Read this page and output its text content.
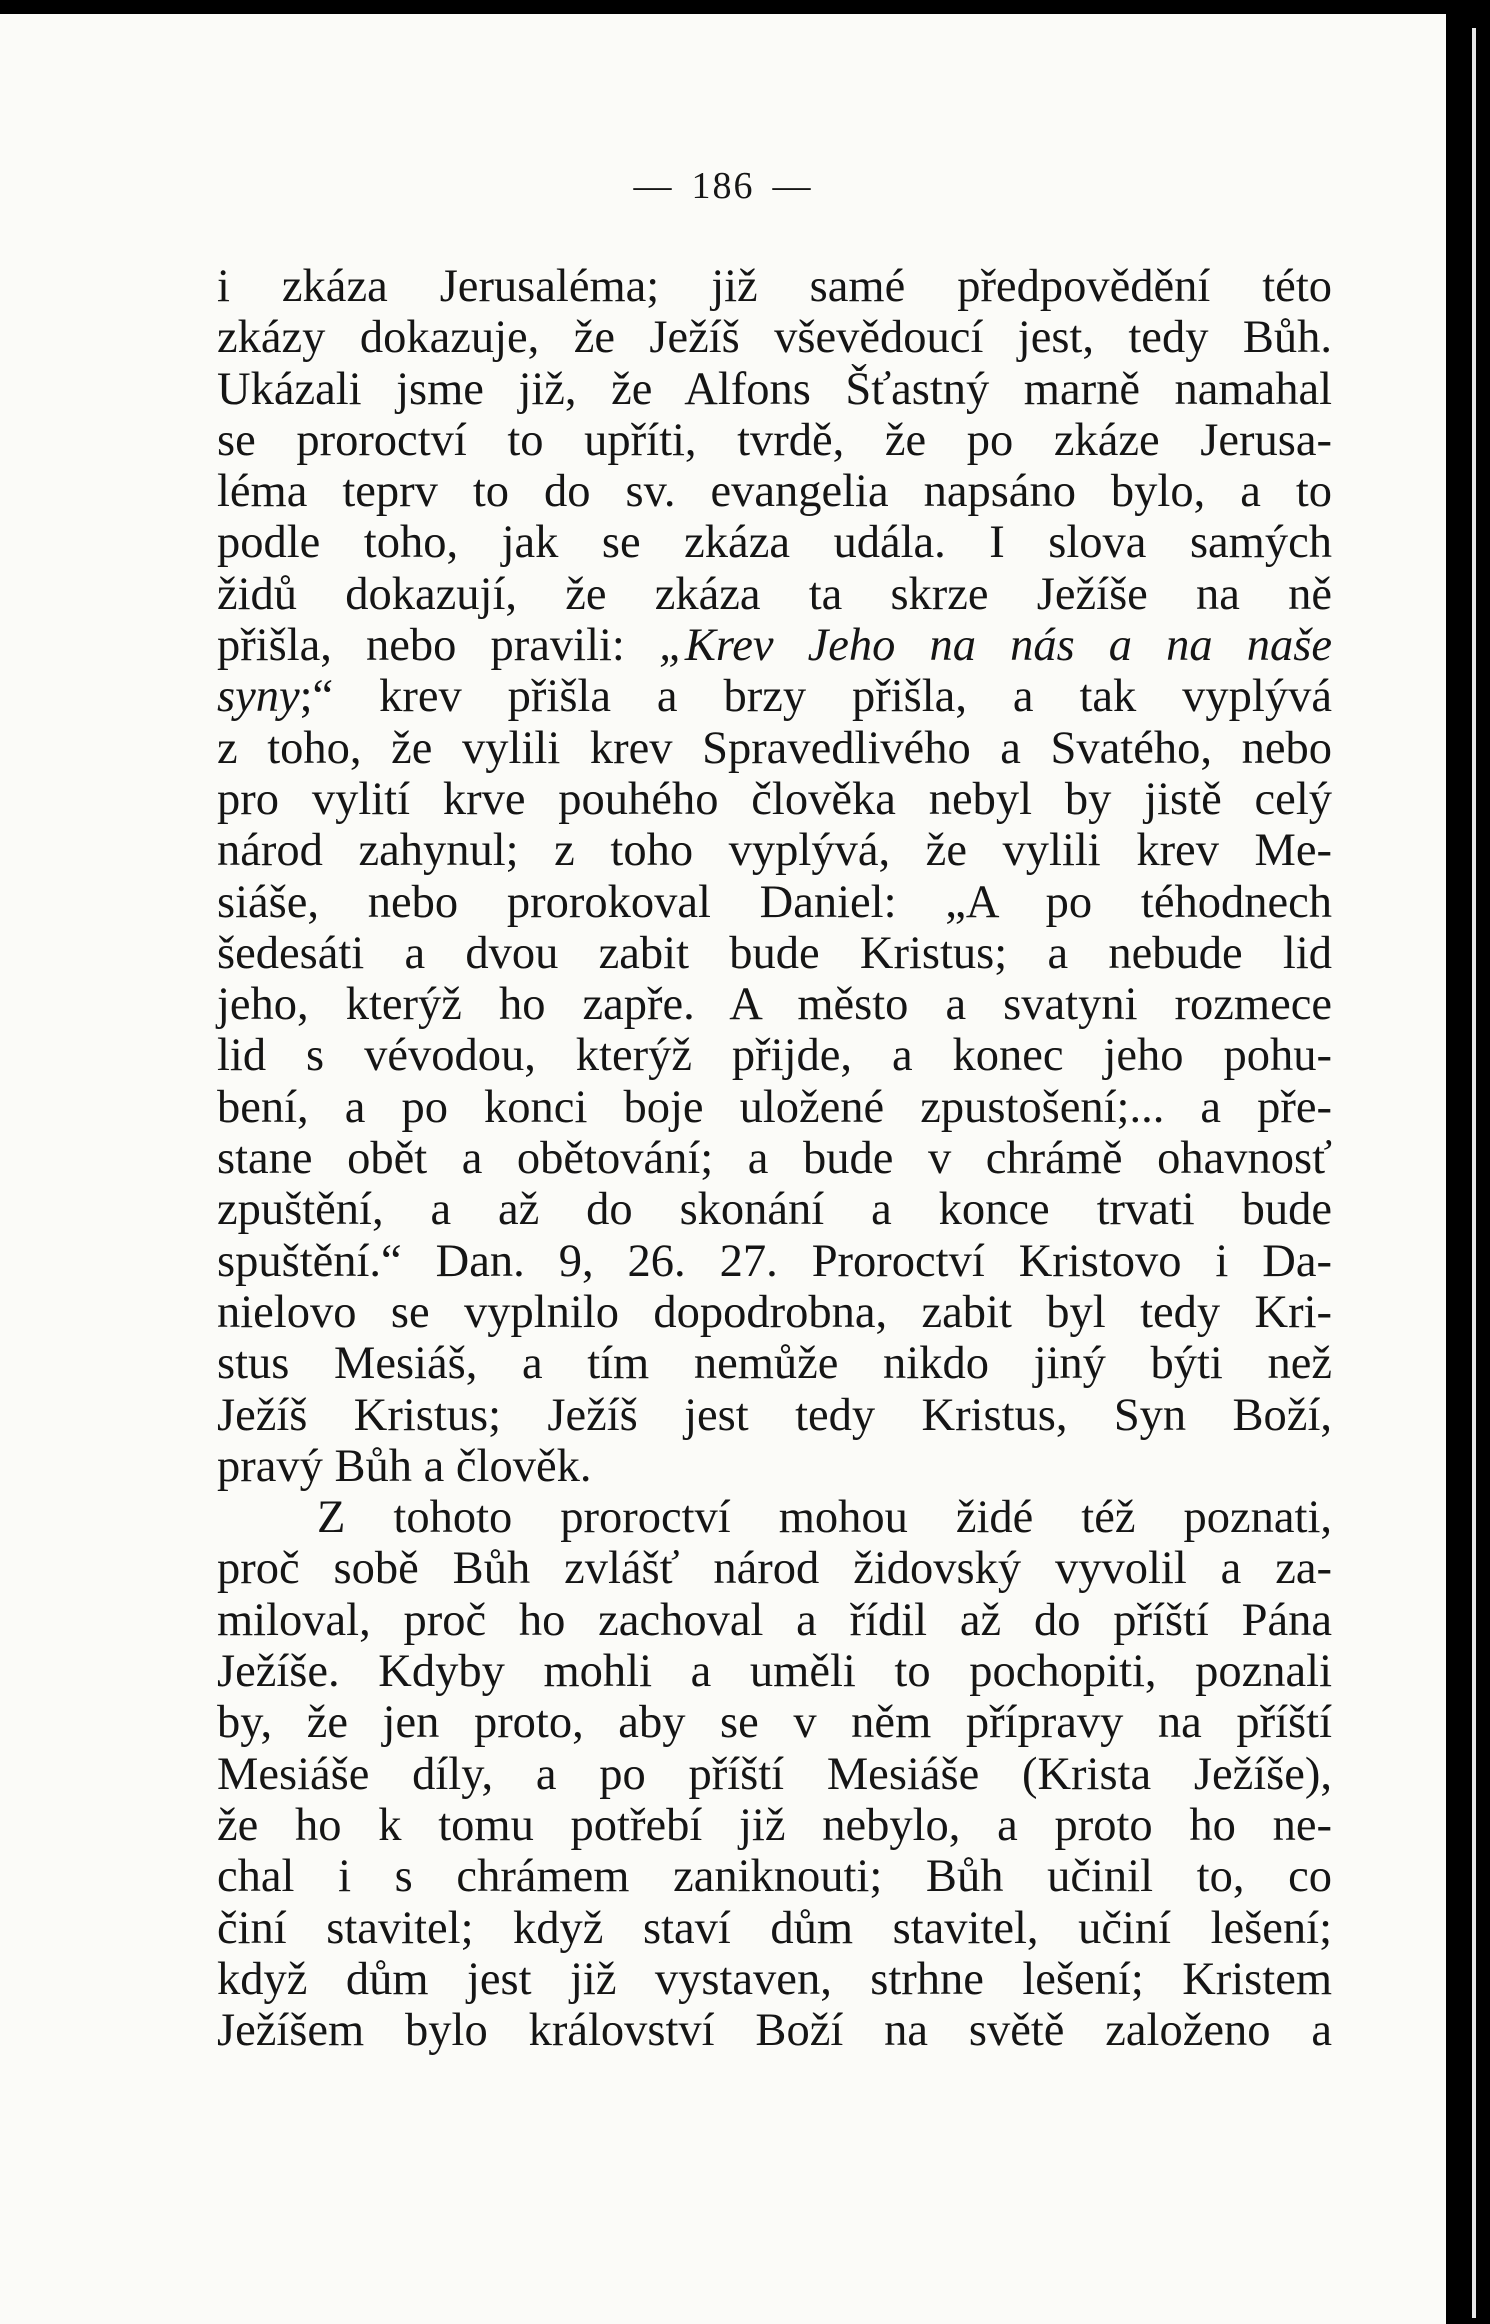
— 186 —
i zkáza Jerusaléma; již samé předpovědění této
zkázy dokazuje, že Ježíš vševědoucí jest, tedy Bůh.
Ukázali jsme již, že Alfons Šťastný marně namahal
se proroctví to upříti, tvrdě, že po zkáze Jerusa-
léma teprv to do sv. evangelia napsáno bylo, a to
podle toho, jak se zkáza udála. I slova samých
židů dokazují, že zkáza ta skrze Ježíše na ně
přišla, nebo pravili: „Krev Jeho na nás a na naše
syny;“ krev přišla a brzy přišla, a tak vyplývá
z toho, že vylili krev Spravedlivého a Svatého, nebo
pro vylití krve pouhého člověka nebyl by jistě celý
národ zahynul; z toho vyplývá, že vylili krev Me-
siáše, nebo prorokoval Daniel: „A po téhodnech
šedesáti a dvou zabit bude Kristus; a nebude lid
jeho, kterýž ho zapře. A město a svatyni rozmece
lid s vévodou, kterýž přijde, a konec jeho pohu-
bení, a po konci boje uložené zpustošení;... a pře-
stane obět a obětování; a bude v chrámě ohavnosť
zpuštění, a až do skonání a konce trvati bude
spuštění.“ Dan. 9, 26. 27. Proroctví Kristovo i Da-
nielovo se vyplnilo dopodrobna, zabit byl tedy Kri-
stus Mesiáš, a tím nemůže nikdo jiný býti než
Ježíš Kristus; Ježíš jest tedy Kristus, Syn Boží,
pravý Bůh a člověk.
Z tohoto proroctví mohou židé též poznati,
proč sobě Bůh zvlášť národ židovský vyvolil a za-
miloval, proč ho zachoval a řídil až do příští Pána
Ježíše. Kdyby mohli a uměli to pochopiti, poznali
by, že jen proto, aby se v něm přípravy na příští
Mesiáše díly, a po příští Mesiáše (Krista Ježíše),
že ho k tomu potřebí již nebylo, a proto ho ne-
chal i s chrámem zaniknouti; Bůh učinil to, co
činí stavitel; když staví dům stavitel, učiní lešení;
když dům jest již vystaven, strhne lešení; Kristem
Ježíšem bylo království Boží na světě založeno a
